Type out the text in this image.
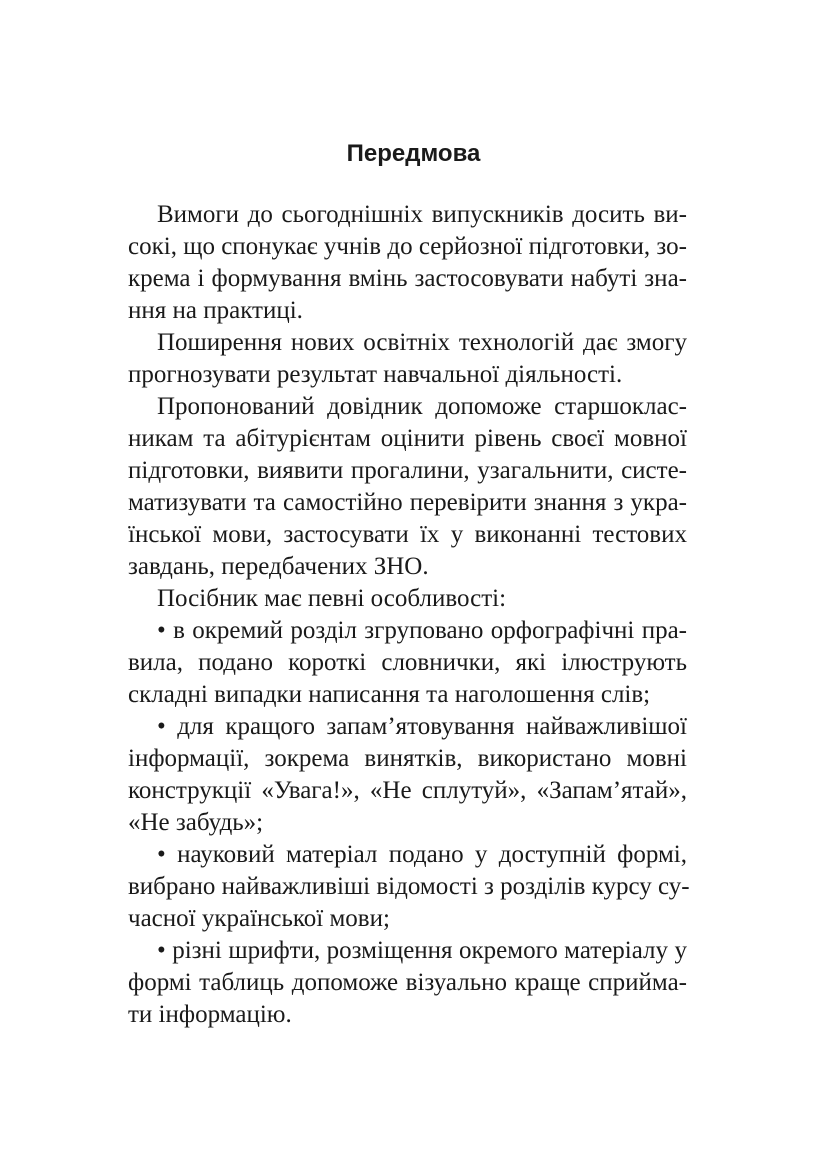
Передмова
Вимоги до сьогоднішніх випускників досить ви-
сокі, що спонукає учнів до серйозної підготовки, зо-
крема і формування вмінь застосовувати набуті зна-
ння на практиці.
Поширення нових освітніх технологій дає змогу
прогнозувати результат навчальної діяльності.
Пропонований довідник допоможе старшоклас-
никам та абітурієнтам оцінити рівень своєї мовної
підготовки, виявити прогалини, узагальнити, систе-
матизувати та самостійно перевірити знання з укра-
їнської мови, застосувати їх у виконанні тестових
завдань, передбачених ЗНО.
Посібник має певні особливості:
• в окремий розділ згруповано орфографічні пра-
вила, подано короткі словнички, які ілюструють
складні випадки написання та наголошення слів;
• для кращого запам’ятовування найважливішої
інформації, зокрема винятків, використано мовні
конструкції «Увага!», «Не сплутуй», «Запам’ятай»,
«Не забудь»;
• науковий матеріал подано у доступній формі,
вибрано найважливіші відомості з розділів курсу су-
часної української мови;
• різні шрифти, розміщення окремого матеріалу у
формі таблиць допоможе візуально краще сприйма-
ти інформацію.
